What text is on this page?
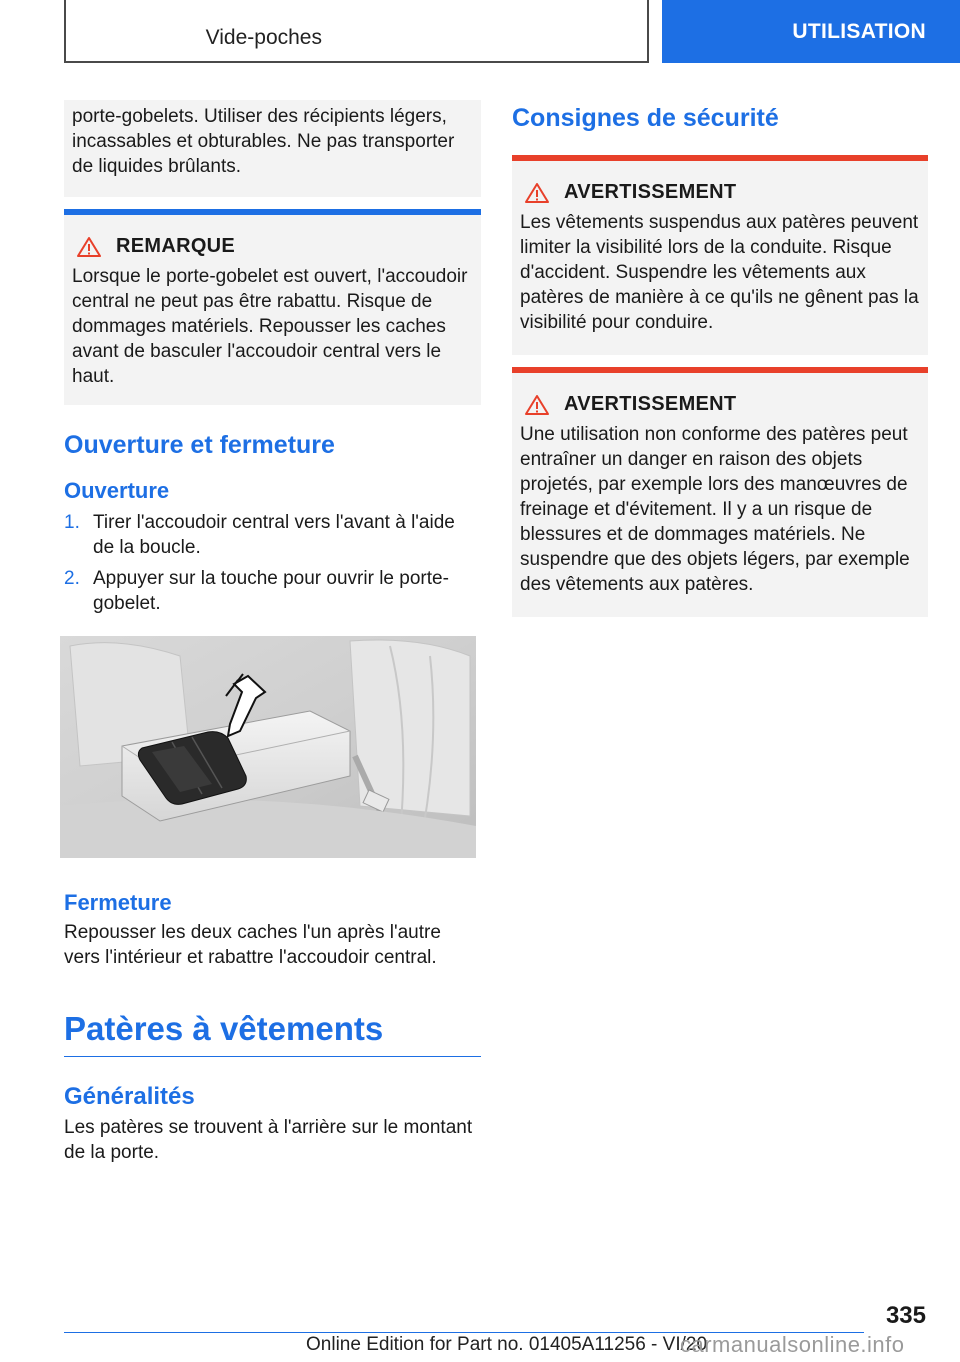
Vide-poches	UTILISATION

porte-gobelets. Utiliser des récipients légers, incassables et obturables. Ne pas transporter de liquides brûlants.

REMARQUE

Lorsque le porte-gobelet est ouvert, l'accoudoir central ne peut pas être rabattu. Risque de dommages matériels. Repousser les caches avant de basculer l'accoudoir central vers le haut.

Ouverture et fermeture
Ouverture
1. Tirer l'accoudoir central vers l'avant à l'aide de la boucle.
2. Appuyer sur la touche pour ouvrir le porte-gobelet.
Fermeture

Repousser les deux caches l'un après l'autre vers l'intérieur et rabattre l'accoudoir central.

Patères à vêtements
Généralités

Les patères se trouvent à l'arrière sur le montant de la porte.

Consignes de sécurité
AVERTISSEMENT

Les vêtements suspendus aux patères peuvent limiter la visibilité lors de la conduite. Risque d'accident. Suspendre les vêtements aux patères de manière à ce qu'ils ne gênent pas la visibilité pour conduire.

AVERTISSEMENT

Une utilisation non conforme des patères peut entraîner un danger en raison des objets projetés, par exemple lors des manœuvres de freinage et d'évitement. Il y a un risque de blessures et de dommages matériels. Ne suspendre que des objets légers, par exemple des vêtements aux patères.

335
Online Edition for Part no. 01405A11256 - VI/20
carmanualsonline.info
